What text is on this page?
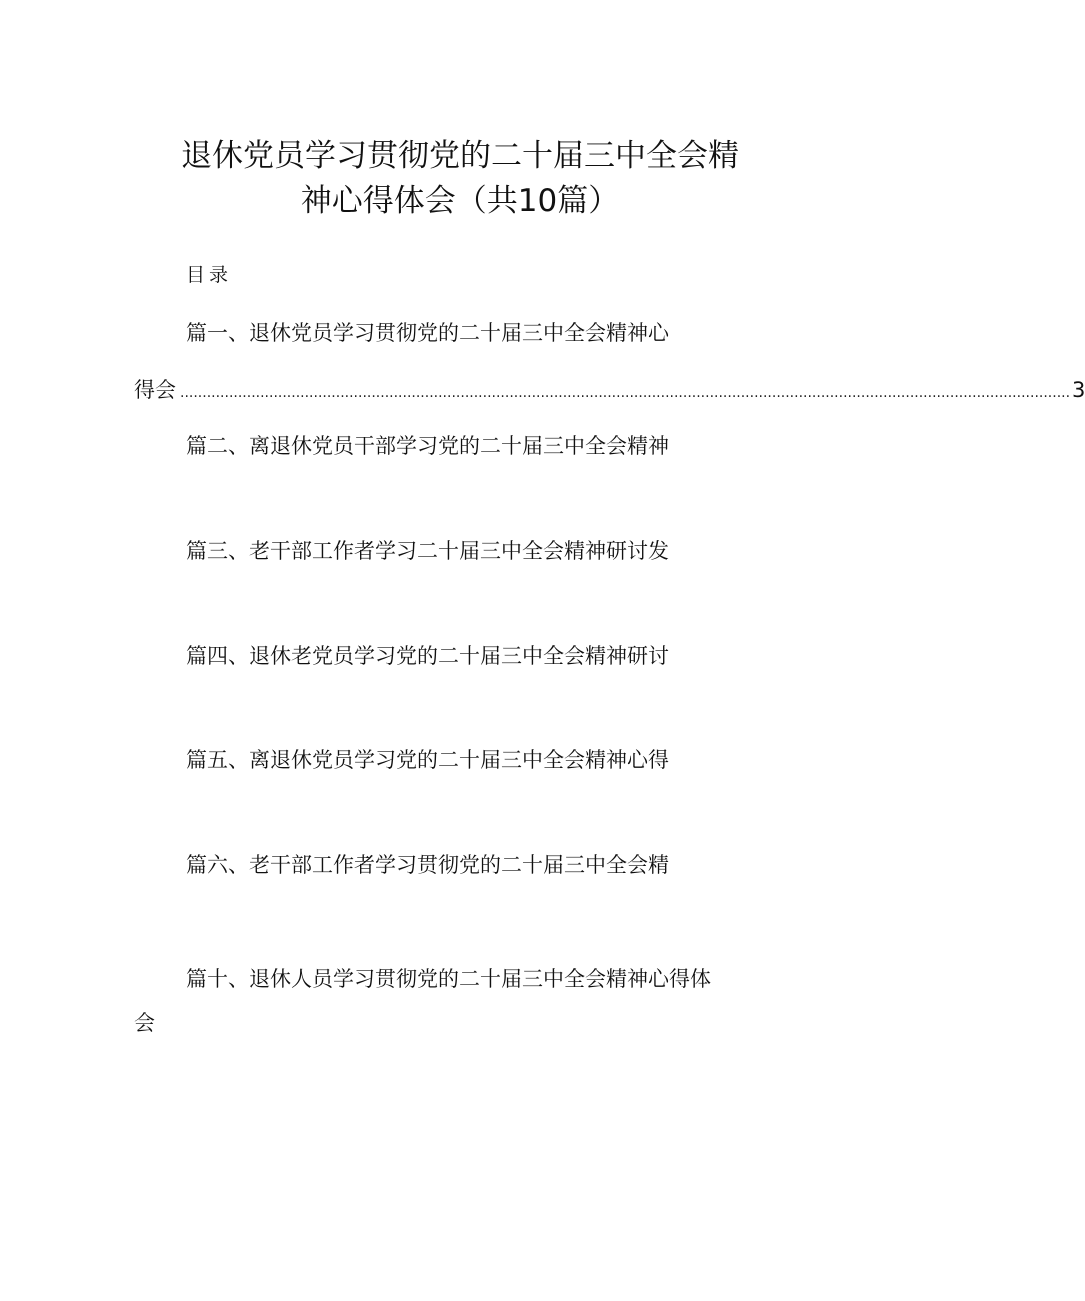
退休党员学习贯彻党的二十届三中全会精
神心得体会（共10篇）
目录
篇一、退休党员学习贯彻党的二十届三中全会精神心
得会 ........................................................................................................................................................................................................ 3
篇二、离退休党员干部学习党的二十届三中全会精神
篇三、老干部工作者学习二十届三中全会精神研讨发
篇四、退休老党员学习党的二十届三中全会精神研讨
篇五、离退休党员学习党的二十届三中全会精神心得
篇六、老干部工作者学习贯彻党的二十届三中全会精
篇十、退休人员学习贯彻党的二十届三中全会精神心得体
会
